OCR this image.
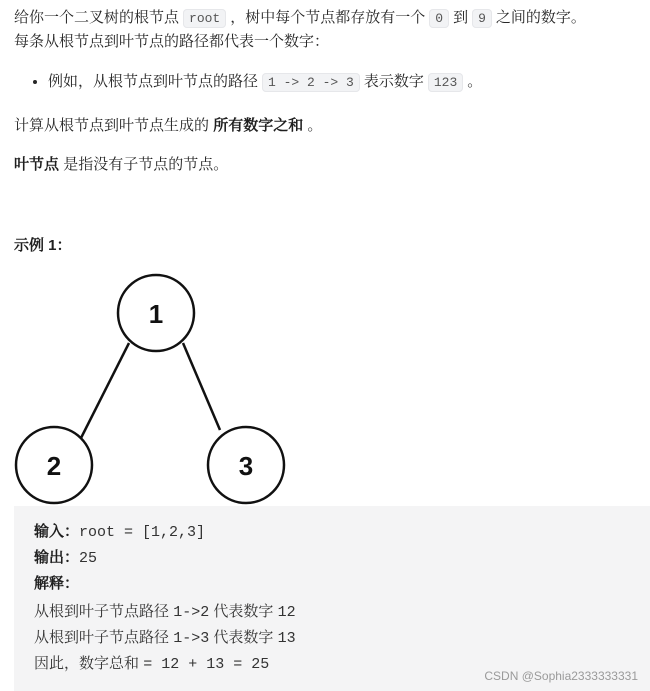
给你一个二叉树的根节点 root ，树中每个节点都存放有一个 0 到 9 之间的数字。

每条从根节点到叶节点的路径都代表一个数字：

• 例如，从根节点到叶节点的路径 1 -> 2 -> 3 表示数字 123 。

计算从根节点到叶节点生成的 所有数字之和 。

叶节点 是指没有子节点的节点。

示例 1：

1
2	3
输入：root = [1,2,3]
输出：25
解释：
从根到叶子节点路径 1->2 代表数字 12
从根到叶子节点路径 1->3 代表数字 13
因此，数字总和 = 12 + 13 = 25
CSDN @Sophia2333333331
